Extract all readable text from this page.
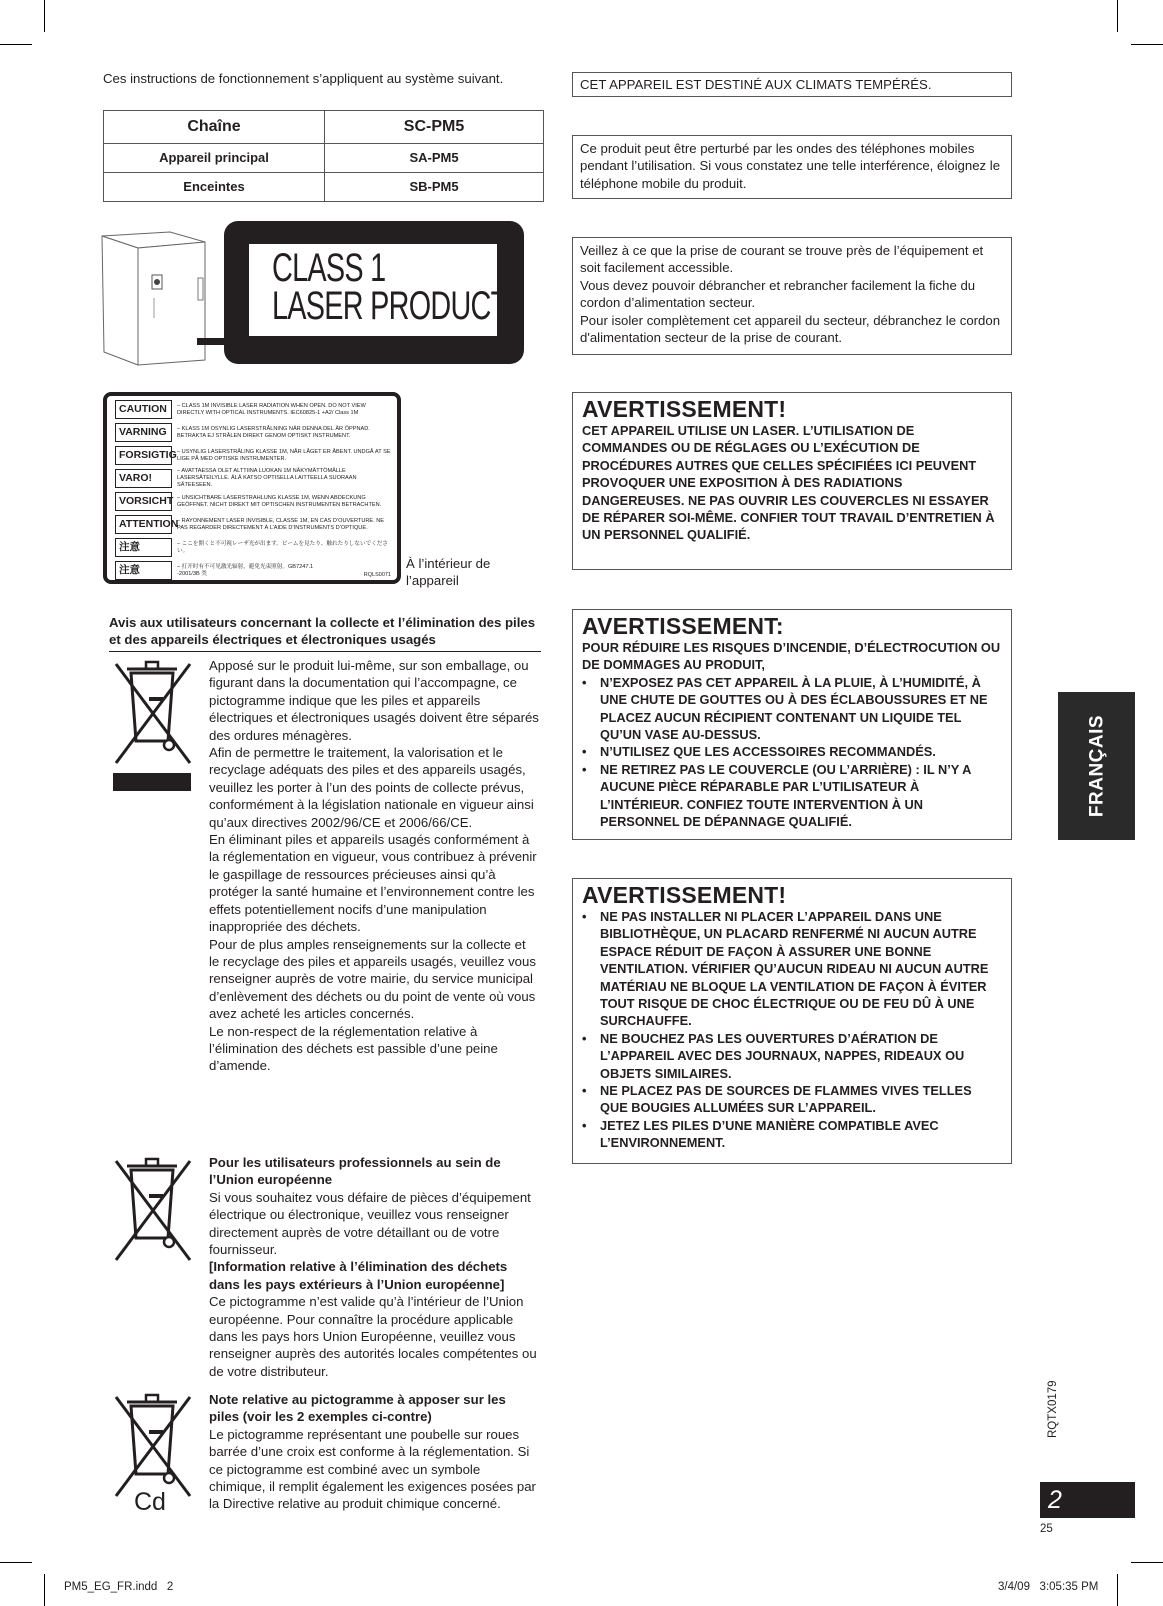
Ces instructions de fonctionnement s’appliquent au système suivant.
Chaîne	SC-PM5
Appareil principal	SA-PM5
Enceintes	SB-PM5
CLASS 1
LASER PRODUCT
CAUTION	– CLASS 1M INVISIBLE LASER RADIATION WHEN OPEN. DO NOT VIEW DIRECTLY WITH OPTICAL INSTRUMENTS. IEC60825-1 +A2/ Class 1M
VARNING	– KLASS 1M OSYNLIG LASERSTRÅLNING NÄR DENNA DEL ÄR ÖPPNAD. BETRAKTA EJ STRÅLEN DIREKT GENOM OPTISKT INSTRUMENT.
FORSIGTIG – USYNLIG LASERSTRÅLING KLASSE 1M, NÅR LÅGET ER ÅBENT. UNDGÅ AT SE LIGE PÅ MED OPTISKE INSTRUMENTER.
VARO!
– AVATTAESSA OLET ALTTIINA LUOKAN 1M NÄKYMÄTTÖMÄLLE LASERSÄTEILYLLE. ÄLÄ KATSO OPTISELLA LAITTEELLA SUORAAN SÄTEESEEN.
VORSICHT – UNSICHTBARE LASERSTRAHLUNG KLASSE 1M, WENN ABDECKUNG GEÖFFNET. NICHT DIREKT MIT OPTISCHEN INSTRUMENTEN BETRACHTEN.
ATTENTION
– RAYONNEMENT LASER INVISIBLE, CLASSE 1M, EN CAS D’OUVERTURE. NE PAS REGARDER DIRECTEMENT À L’AIDE D’INSTRUMENTS D’OPTIQUE.
注意	– ここを開くと不可視レーザ光が出ます。ビームを見たり、触れたりしないでください。
注意	– 打开时有不可见激光辐射，避免光束照射。GB7247.1 -2001/3B 类	RQLS0071
À l’intérieur de l’appareil
Avis aux utilisateurs concernant la collecte et l’élimination des piles et des appareils électriques et électroniques usagés

Apposé sur le produit lui-même, sur son emballage, ou figurant dans la documentation qui l’accompagne, ce pictogramme indique que les piles et appareils électriques et électroniques usagés doivent être séparés des ordures ménagères.

Afin de permettre le traitement, la valorisation et le recyclage adéquats des piles et des appareils usagés, veuillez les porter à l’un des points de collecte prévus, conformément à la législation nationale en vigueur ainsi qu’aux directives 2002/96/CE et 2006/66/CE.

En éliminant piles et appareils usagés conformément à la réglementation en vigueur, vous contribuez à prévenir le gaspillage de ressources précieuses ainsi qu’à protéger la santé humaine et l’environnement contre les effets potentiellement nocifs d’une manipulation inappropriée des déchets.

Pour de plus amples renseignements sur la collecte et le recyclage des piles et appareils usagés, veuillez vous renseigner auprès de votre mairie, du service municipal d’enlèvement des déchets ou du point de vente où vous avez acheté les articles concernés.

Le non-respect de la réglementation relative à l’élimination des déchets est passible d’une peine d’amende.

Pour les utilisateurs professionnels au sein de l’Union européenne

Si vous souhaitez vous défaire de pièces d’équipement électrique ou électronique, veuillez vous renseigner directement auprès de votre détaillant ou de votre fournisseur.

[Information relative à l’élimination des déchets dans les pays extérieurs à l’Union européenne]

Ce pictogramme n’est valide qu’à l’intérieur de l’Union européenne. Pour connaître la procédure applicable dans les pays hors Union Européenne, veuillez vous renseigner auprès des autorités locales compétentes ou de votre distributeur.

Cd

Note relative au pictogramme à apposer sur les piles (voir les 2 exemples ci-contre)

Le pictogramme représentant une poubelle sur roues barrée d’une croix est conforme à la réglementation. Si ce pictogramme est combiné avec un symbole chimique, il remplit également les exigences posées par la Directive relative au produit chimique concerné.

CET APPAREIL EST DESTINÉ AUX CLIMATS TEMPÉRÉS.
Ce produit peut être perturbé par les ondes des téléphones mobiles pendant l’utilisation. Si vous constatez une telle interférence, éloignez le téléphone mobile du produit.

Veillez à ce que la prise de courant se trouve près de l’équipement et soit facilement accessible.

Vous devez pouvoir débrancher et rebrancher facilement la fiche du cordon d’alimentation secteur.

Pour isoler complètement cet appareil du secteur, débranchez le cordon d'alimentation secteur de la prise de courant.

AVERTISSEMENT!
CET APPAREIL UTILISE UN LASER. L’UTILISATION DE COMMANDES OU DE RÉGLAGES OU L’EXÉCUTION DE PROCÉDURES AUTRES QUE CELLES SPÉCIFIÉES ICI PEUVENT PROVOQUER UNE EXPOSITION À DES RADIATIONS DANGEREUSES. NE PAS OUVRIR LES COUVERCLES NI ESSAYER DE RÉPARER SOI-MÊME. CONFIER TOUT TRAVAIL D’ENTRETIEN À UN PERSONNEL QUALIFIÉ.
AVERTISSEMENT:
POUR RÉDUIRE LES RISQUES D’INCENDIE, D’ÉLECTROCUTION OU DE DOMMAGES AU PRODUIT,
• N’EXPOSEZ PAS CET APPAREIL À LA PLUIE, À L’HUMIDITÉ, À UNE CHUTE DE GOUTTES OU À DES ÉCLABOUSSURES ET NE PLACEZ AUCUN RÉCIPIENT CONTENANT UN LIQUIDE TEL QU’UN VASE AU-DESSUS.
• N’UTILISEZ QUE LES ACCESSOIRES RECOMMANDÉS.
• NE RETIREZ PAS LE COUVERCLE (OU L’ARRIÈRE) : IL N’Y A AUCUNE PIÈCE RÉPARABLE PAR L’UTILISATEUR À L’INTÉRIEUR. CONFIEZ TOUTE INTERVENTION À UN PERSONNEL DE DÉPANNAGE QUALIFIÉ.
AVERTISSEMENT!
• NE PAS INSTALLER NI PLACER L’APPAREIL DANS UNE BIBLIOTHÈQUE, UN PLACARD RENFERMÉ NI AUCUN AUTRE ESPACE RÉDUIT DE FAÇON À ASSURER UNE BONNE VENTILATION. VÉRIFIER QU’AUCUN RIDEAU NI AUCUN AUTRE MATÉRIAU NE BLOQUE LA VENTILATION DE FAÇON À ÉVITER TOUT RISQUE DE CHOC ÉLECTRIQUE OU DE FEU DÛ À UNE SURCHAUFFE.
• NE BOUCHEZ PAS LES OUVERTURES D’AÉRATION DE L’APPAREIL AVEC DES JOURNAUX, NAPPES, RIDEAUX OU OBJETS SIMILAIRES.
• NE PLACEZ PAS DE SOURCES DE FLAMMES VIVES TELLES QUE BOUGIES ALLUMÉES SUR L’APPAREIL.
• JETEZ LES PILES D’UNE MANIÈRE COMPATIBLE AVEC L’ENVIRONNEMENT.
FRANÇAIS
RQTX0179
2
25
PM5_EG_FR.indd   2	3/4/09   3:05:35 PM
